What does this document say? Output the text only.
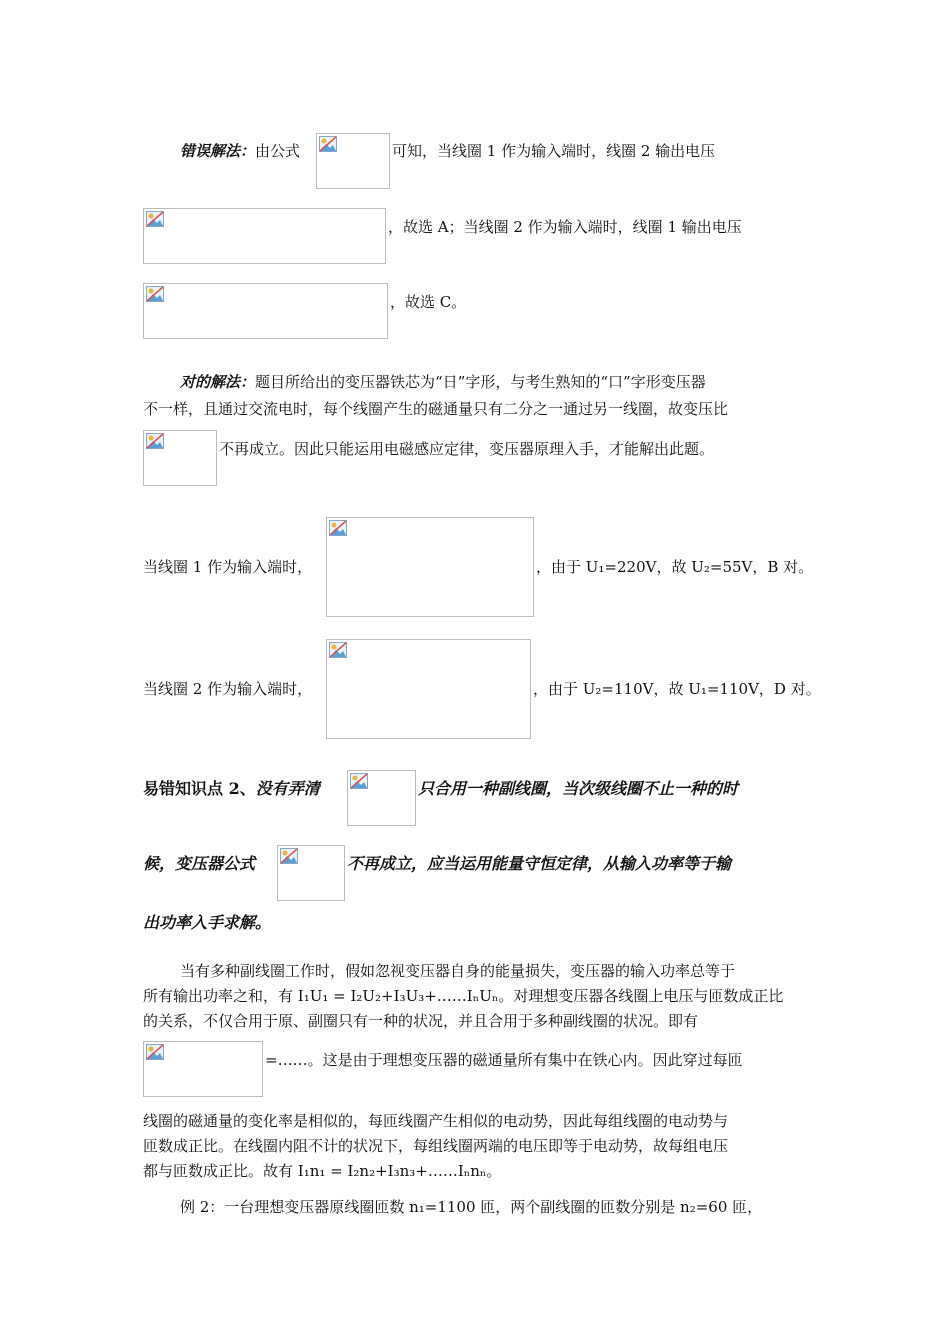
错误解法：由公式	可知，当线圈 1 作为输入端时，线圈 2 输出电压
，故选 A；当线圈 2 作为输入端时，线圈 1 输出电压
，故选 C。
对的解法：题目所给出的变压器铁芯为“日”字形，与考生熟知的“口”字形变压器
不一样，且通过交流电时，每个线圈产生的磁通量只有二分之一通过另一线圈，故变压比
不再成立。因此只能运用电磁感应定律，变压器原理入手，才能解出此题。
当线圈 1 作为输入端时，	，由于 U₁=220V，故 U₂=55V，B 对。
当线圈 2 作为输入端时，	，由于 U₂=110V，故 U₁=110V，D 对。
易错知识点 2、没有弄清	只合用一种副线圈，当次级线圈不止一种的时
候，变压器公式	不再成立，应当运用能量守恒定律，从输入功率等于输
出功率入手求解。
当有多种副线圈工作时，假如忽视变压器自身的能量损失，变压器的输入功率总等于
所有输出功率之和，有 I₁U₁ = I₂U₂+I₃U₃+……IₙUₙ。对理想变压器各线圈上电压与匝数成正比
的关系，不仅合用于原、副圈只有一种的状况，并且合用于多种副线圈的状况。即有
=……。这是由于理想变压器的磁通量所有集中在铁心内。因此穿过每匝
线圈的磁通量的变化率是相似的，每匝线圈产生相似的电动势，因此每组线圈的电动势与
匝数成正比。在线圈内阻不计的状况下，每组线圈两端的电压即等于电动势，故每组电压
都与匝数成正比。故有 I₁n₁ = I₂n₂+I₃n₃+……Iₙnₙ。
例 2：一台理想变压器原线圈匝数 n₁=1100 匝，两个副线圈的匝数分别是 n₂=60 匝，
